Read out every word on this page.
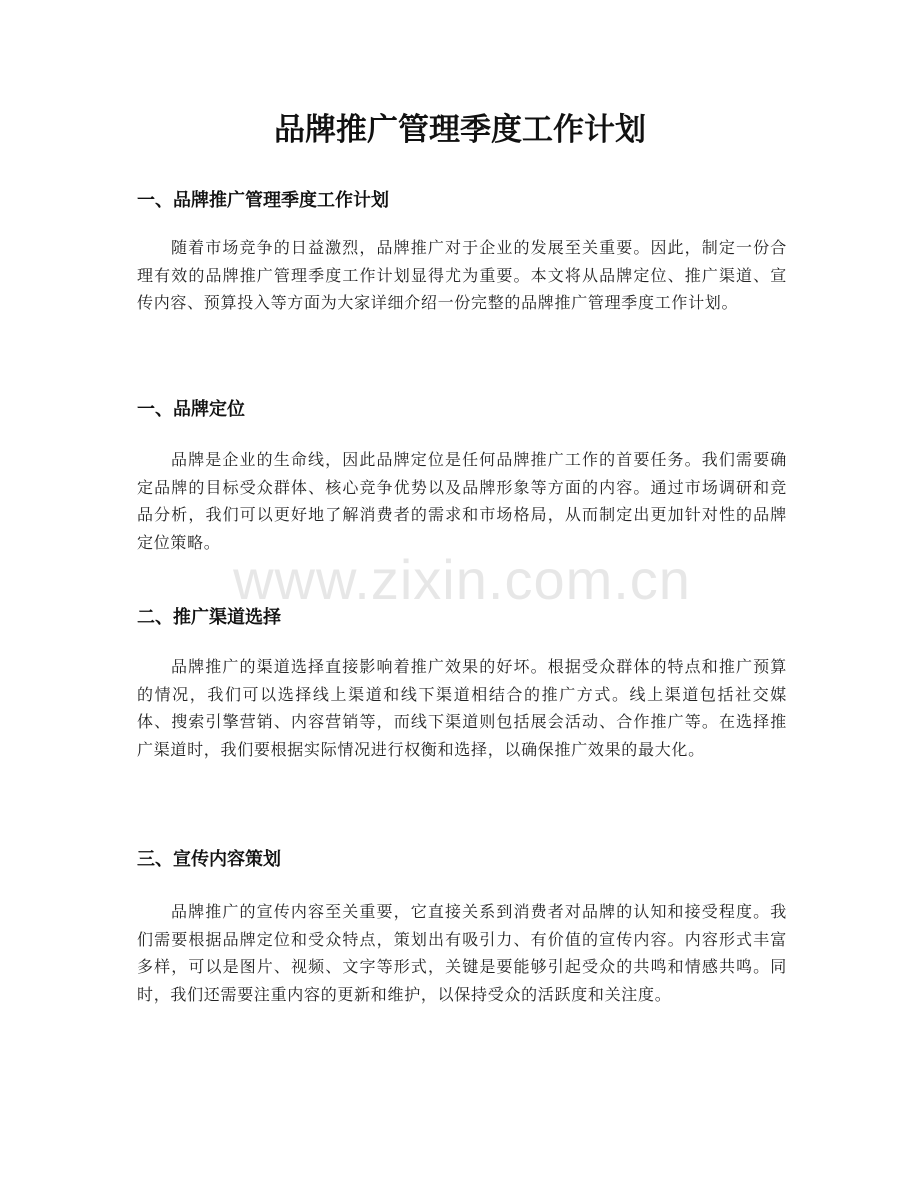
品牌推广管理季度工作计划
一、品牌推广管理季度工作计划

随着市场竞争的日益激烈，品牌推广对于企业的发展至关重要。因此，制定一份合理有效的品牌推广管理季度工作计划显得尤为重要。本文将从品牌定位、推广渠道、宣传内容、预算投入等方面为大家详细介绍一份完整的品牌推广管理季度工作计划。

一、品牌定位

品牌是企业的生命线，因此品牌定位是任何品牌推广工作的首要任务。我们需要确定品牌的目标受众群体、核心竞争优势以及品牌形象等方面的内容。通过市场调研和竞品分析，我们可以更好地了解消费者的需求和市场格局，从而制定出更加针对性的品牌定位策略。

二、推广渠道选择

品牌推广的渠道选择直接影响着推广效果的好坏。根据受众群体的特点和推广预算的情况，我们可以选择线上渠道和线下渠道相结合的推广方式。线上渠道包括社交媒体、搜索引擎营销、内容营销等，而线下渠道则包括展会活动、合作推广等。在选择推广渠道时，我们要根据实际情况进行权衡和选择，以确保推广效果的最大化。

三、宣传内容策划

品牌推广的宣传内容至关重要，它直接关系到消费者对品牌的认知和接受程度。我们需要根据品牌定位和受众特点，策划出有吸引力、有价值的宣传内容。内容形式丰富多样，可以是图片、视频、文字等形式，关键是要能够引起受众的共鸣和情感共鸣。同时，我们还需要注重内容的更新和维护，以保持受众的活跃度和关注度。

www.zixin.com.cn
